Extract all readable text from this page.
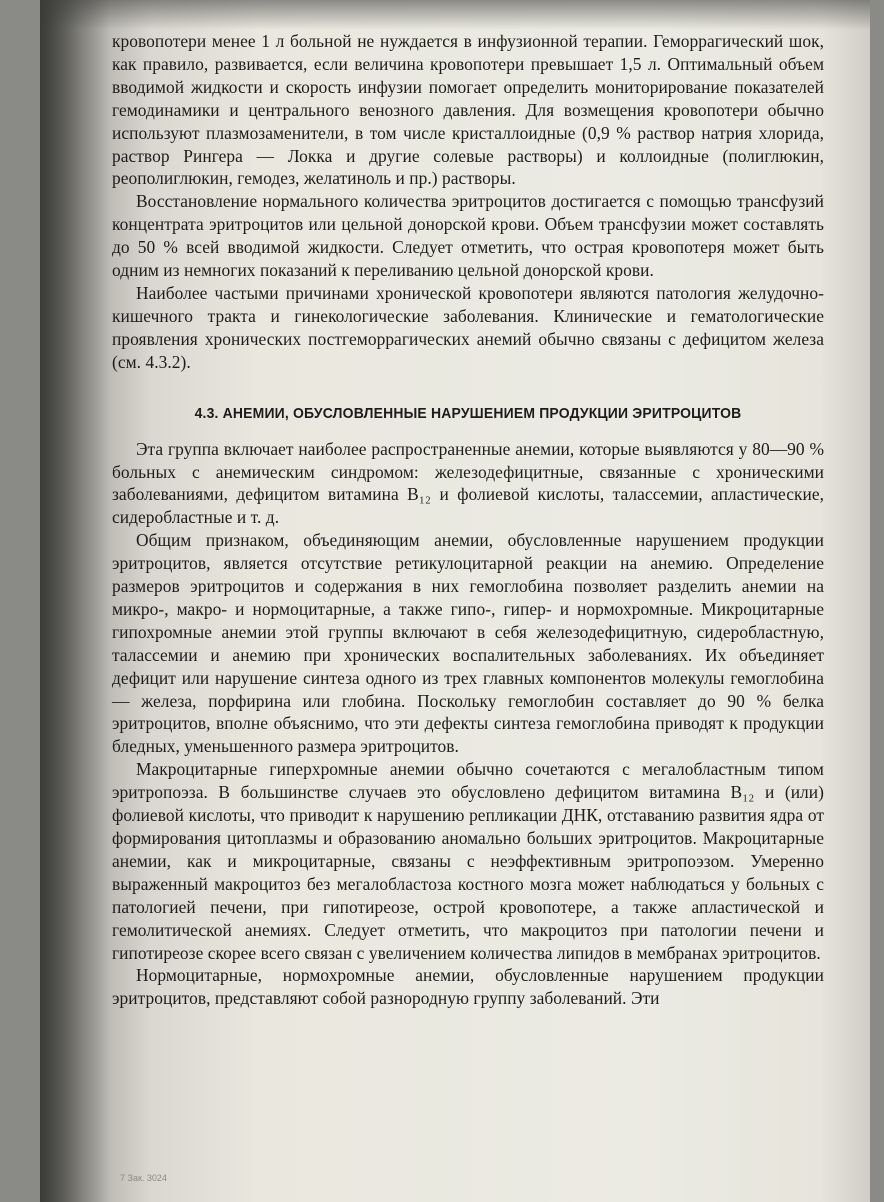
кровопотери менее 1 л больной не нуждается в инфузионной терапии. Геморрагический шок, как правило, развивается, если величина кровопотери превышает 1,5 л. Оптимальный объем вводимой жидкости и скорость инфузии помогает определить мониторирование показателей гемодинамики и центрального венозного давления. Для возмещения кровопотери обычно используют плазмозаменители, в том числе кристаллоидные (0,9 % раствор натрия хлорида, раствор Рингера — Локка и другие солевые растворы) и коллоидные (полиглюкин, реополиглюкин, гемодез, желатиноль и пр.) растворы.

Восстановление нормального количества эритроцитов достигается с помощью трансфузий концентрата эритроцитов или цельной донорской крови. Объем трансфузии может составлять до 50 % всей вводимой жидкости. Следует отметить, что острая кровопотеря может быть одним из немногих показаний к переливанию цельной донорской крови.

Наиболее частыми причинами хронической кровопотери являются патология желудочно-кишечного тракта и гинекологические заболевания. Клинические и гематологические проявления хронических постгеморрагических анемий обычно связаны с дефицитом железа (см. 4.3.2).

4.3. АНЕМИИ, ОБУСЛОВЛЕННЫЕ НАРУШЕНИЕМ ПРОДУКЦИИ ЭРИТРОЦИТОВ

Эта группа включает наиболее распространенные анемии, которые выявляются у 80—90 % больных с анемическим синдромом: железодефицитные, связанные с хроническими заболеваниями, дефицитом витамина B₁₂ и фолиевой кислоты, талассемии, апластические, сидеробластные и т. д.

Общим признаком, объединяющим анемии, обусловленные нарушением продукции эритроцитов, является отсутствие ретикулоцитарной реакции на анемию. Определение размеров эритроцитов и содержания в них гемоглобина позволяет разделить анемии на микро-, макро- и нормоцитарные, а также гипо-, гипер- и нормохромные. Микроцитарные гипохромные анемии этой группы включают в себя железодефицитную, сидеробластную, талассемии и анемию при хронических воспалительных заболеваниях. Их объединяет дефицит или нарушение синтеза одного из трех главных компонентов молекулы гемоглобина — железа, порфирина или глобина. Поскольку гемоглобин составляет до 90 % белка эритроцитов, вполне объяснимо, что эти дефекты синтеза гемоглобина приводят к продукции бледных, уменьшенного размера эритроцитов.

Макроцитарные гиперхромные анемии обычно сочетаются с мегалобластным типом эритропоэза. В большинстве случаев это обусловлено дефицитом витамина B₁₂ и (или) фолиевой кислоты, что приводит к нарушению репликации ДНК, отставанию развития ядра от формирования цитоплазмы и образованию аномально больших эритроцитов. Макроцитарные анемии, как и микроцитарные, связаны с неэффективным эритропоэзом. Умеренно выраженный макроцитоз без мегалобластоза костного мозга может наблюдаться у больных с патологией печени, при гипотиреозе, острой кровопотере, а также апластической и гемолитической анемиях. Следует отметить, что макроцитоз при патологии печени и гипотиреозе скорее всего связан с увеличением количества липидов в мембранах эритроцитов.

Нормоцитарные, нормохромные анемии, обусловленные нарушением продукции эритроцитов, представляют собой разнородную группу заболеваний. Эти

7 Зак. 3024
